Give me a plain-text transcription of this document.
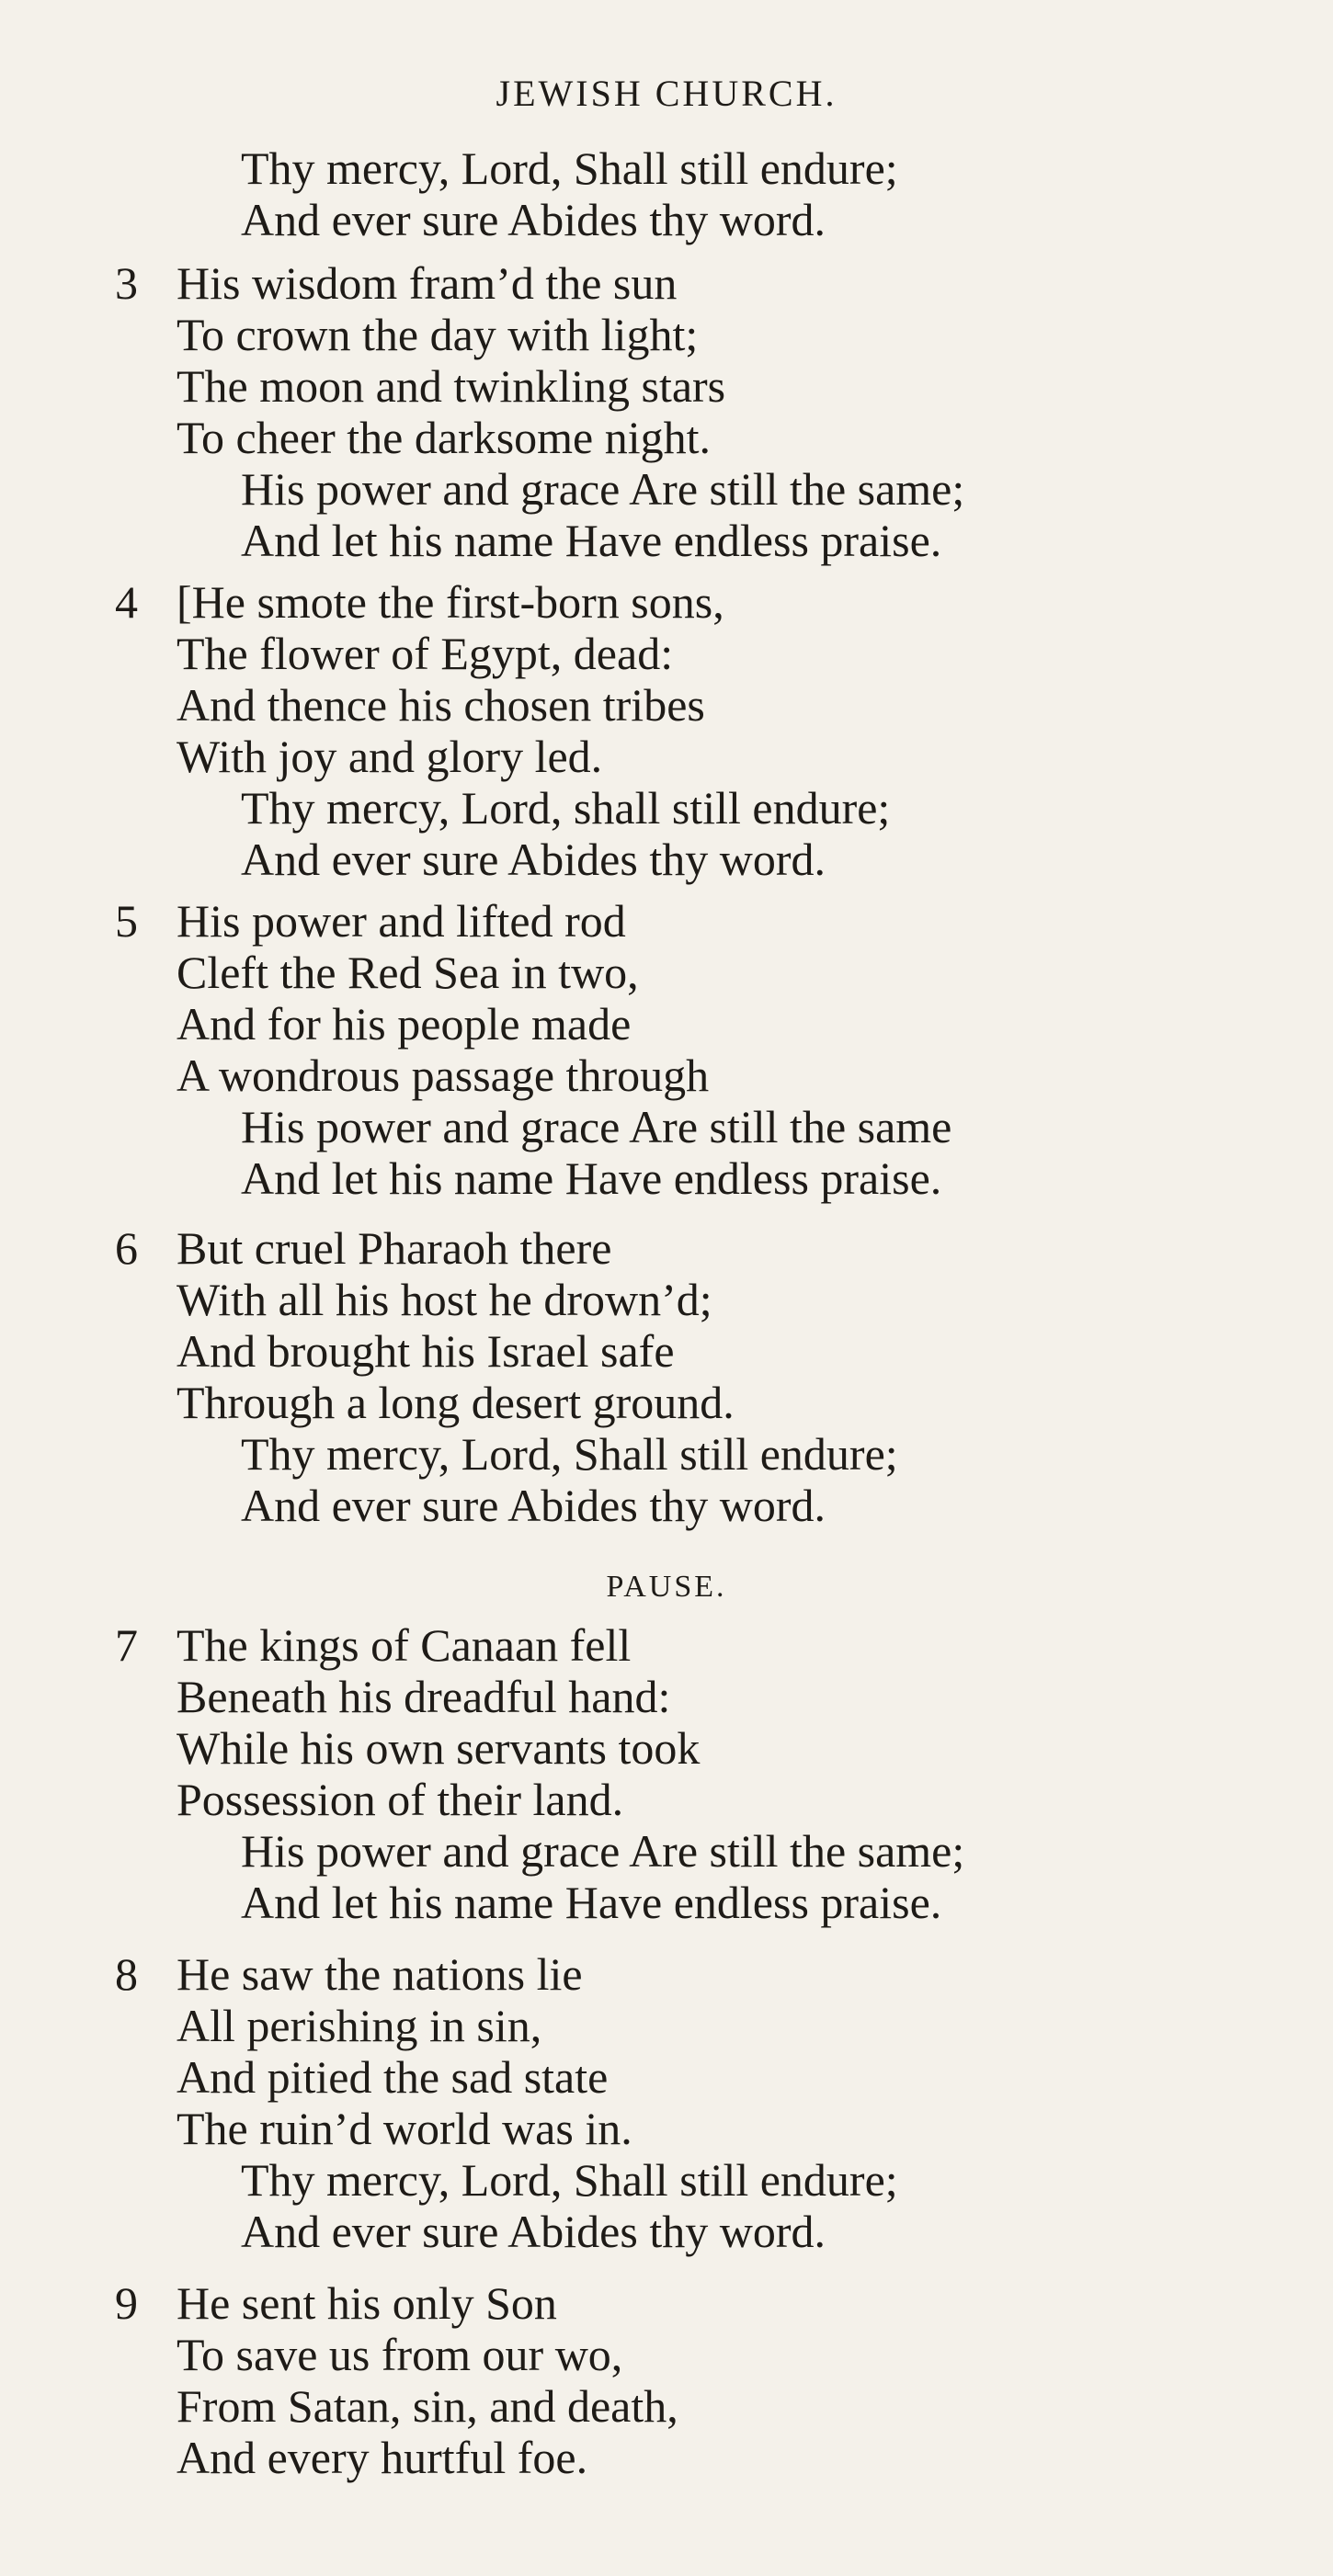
JEWISH CHURCH.
Thy mercy, Lord, Shall still endure;
And ever sure Abides thy word.
3 His wisdom fram’d the sun
To crown the day with light;
The moon and twinkling stars
To cheer the darksome night.
His power and grace Are still the same;
And let his name Have endless praise.
4 [He smote the first-born sons,
The flower of Egypt, dead:
And thence his chosen tribes
With joy and glory led.
Thy mercy, Lord, shall still endure;
And ever sure Abides thy word.
5 His power and lifted rod
Cleft the Red Sea in two,
And for his people made
A wondrous passage through
His power and grace Are still the same
And let his name Have endless praise.
6 But cruel Pharaoh there
With all his host he drown’d;
And brought his Israel safe
Through a long desert ground.
Thy mercy, Lord, Shall still endure;
And ever sure Abides thy word.
PAUSE.
7 The kings of Canaan fell
Beneath his dreadful hand:
While his own servants took
Possession of their land.
His power and grace Are still the same;
And let his name Have endless praise.
8 He saw the nations lie
All perishing in sin,
And pitied the sad state
The ruin’d world was in.
Thy mercy, Lord, Shall still endure;
And ever sure Abides thy word.
9 He sent his only Son
To save us from our wo,
From Satan, sin, and death,
And every hurtful foe.
